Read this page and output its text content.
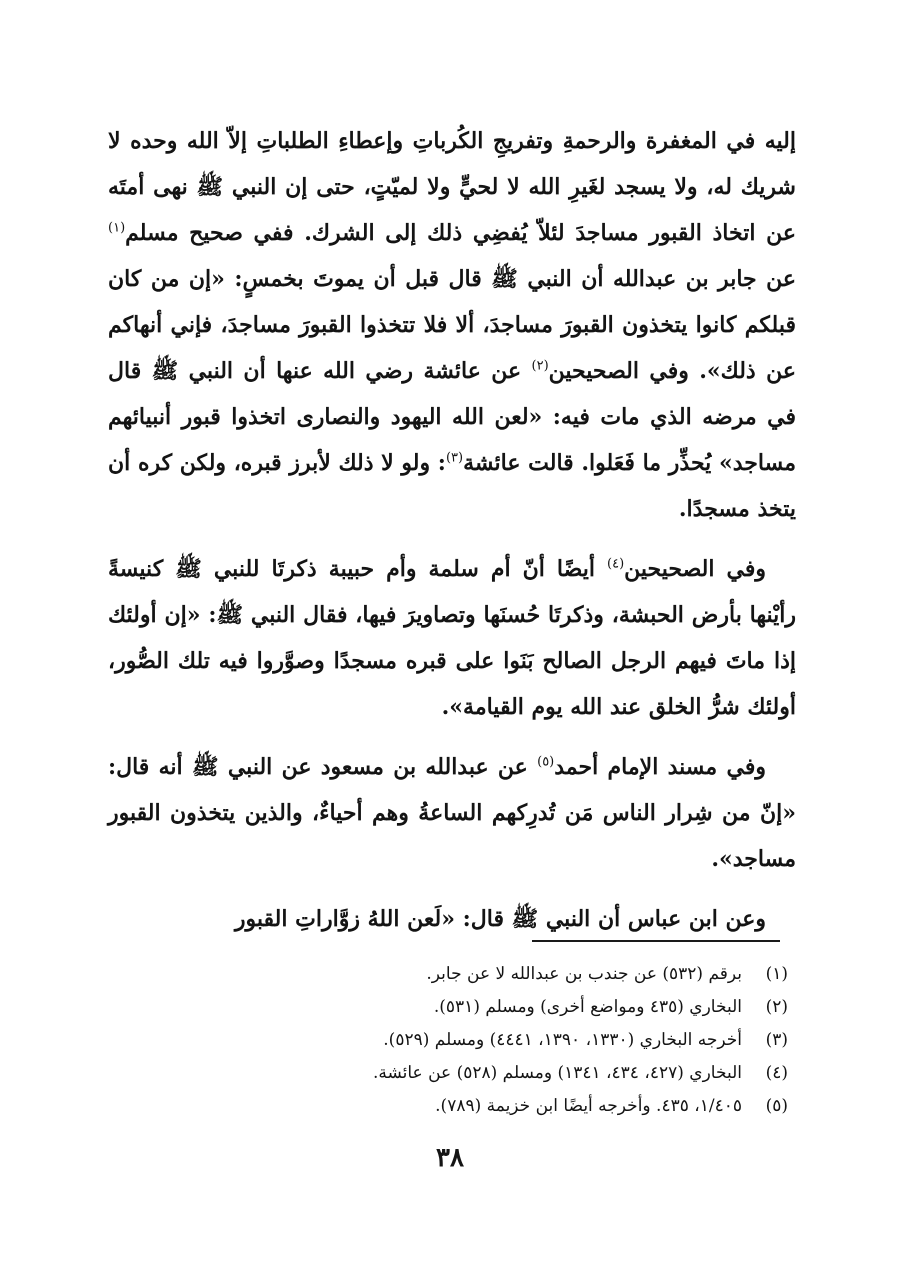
إليه في المغفرة والرحمةِ وتفريجِ الكُرباتِ وإعطاءِ الطلباتِ إلاّ الله وحده لا شريك له، ولا يسجد لغَيرِ الله لا لحيٍّ ولا لميّتٍ، حتى إن النبي ﷺ نهى أمتَه عن اتخاذ القبور مساجدَ لئلاّ يُفضِي ذلك إلى الشرك. ففي صحيح مسلم$^{(١)}$ عن جابر بن عبدالله أن النبي ﷺ قال قبل أن يموتَ بخمسٍ: «إن من كان قبلكم كانوا يتخذون القبورَ مساجدَ، ألا فلا تتخذوا القبورَ مساجدَ، فإني أنهاكم عن ذلك». وفي الصحيحين$^{(٢)}$ عن عائشة رضي الله عنها أن النبي ﷺ قال في مرضه الذي مات فيه: «لعن الله اليهود والنصارى اتخذوا قبور أنبيائهم مساجد» يُحذِّر ما فَعَلوا. قالت عائشة$^{(٣)}$: ولو لا ذلك لأبرز قبره، ولكن كره أن يتخذ مسجدًا.

وفي الصحيحين$^{(٤)}$ أيضًا أنّ أم سلمة وأم حبيبة ذكرتَا للنبي ﷺ كنيسةً رأيْنها بأرض الحبشة، وذكرتَا حُسنَها وتصاويرَ فيها، فقال النبي ﷺ: «إن أولئك إذا ماتَ فيهم الرجل الصالح بَنَوا على قبره مسجدًا وصوَّروا فيه تلك الصُّور، أولئك شرُّ الخلق عند الله يوم القيامة».

وفي مسند الإمام أحمد$^{(٥)}$ عن عبدالله بن مسعود عن النبي ﷺ أنه قال: «إنّ من شِرار الناس مَن تُدرِكهم الساعةُ وهم أحياءٌ، والذين يتخذون القبور مساجد».

وعن ابن عباس أن النبي ﷺ قال: «لَعن اللهُ زوَّاراتِ القبور

(١)
برقم (٥٣٢) عن جندب بن عبدالله لا عن جابر.
(٢)
البخاري (٤٣٥ ومواضع أخرى) ومسلم (٥٣١).
(٣)
أخرجه البخاري (١٣٣٠، ١٣٩٠، ٤٤٤١) ومسلم (٥٢٩).
(٤)
البخاري (٤٢٧، ٤٣٤، ١٣٤١) ومسلم (٥٢٨) عن عائشة.
(٥)
١/٤٠٥، ٤٣٥. وأخرجه أيضًا ابن خزيمة (٧٨٩).
٣٨
